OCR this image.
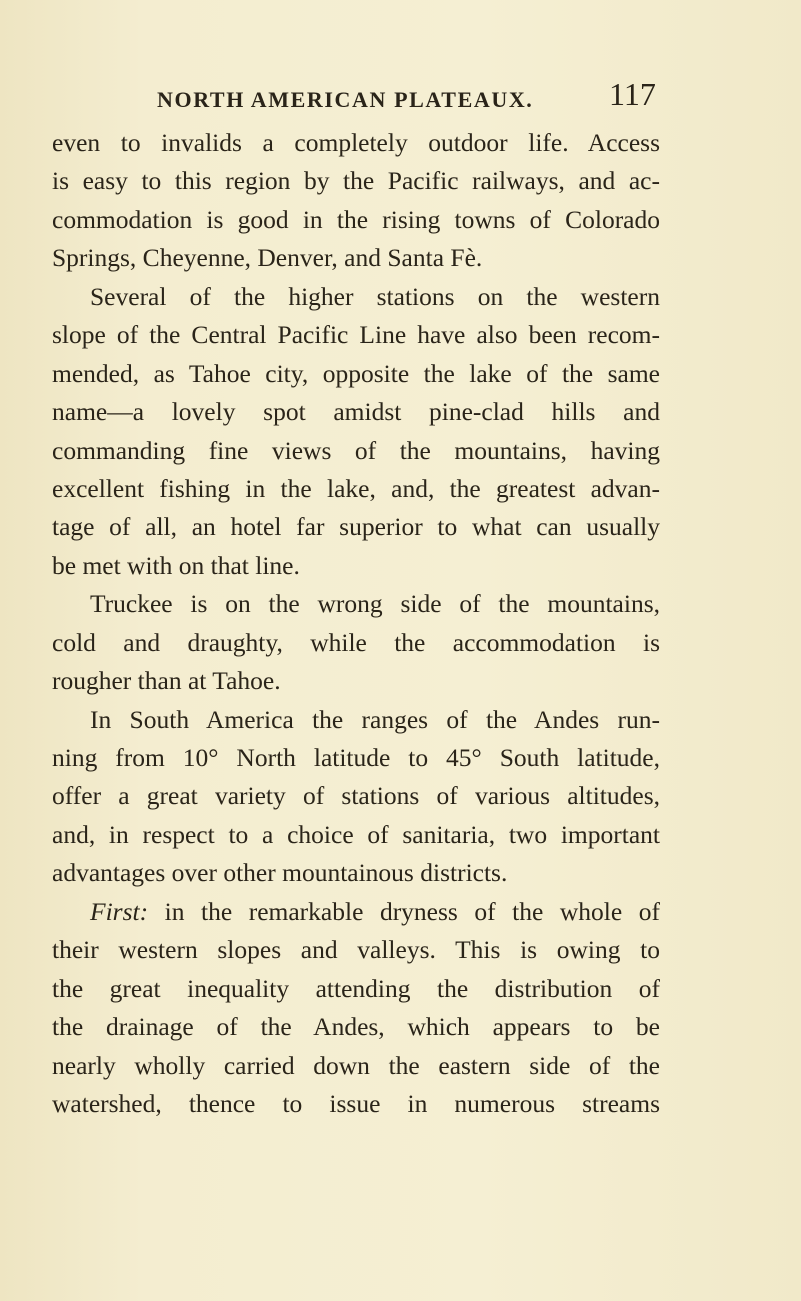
NORTH AMERICAN PLATEAUX. 117
even to invalids a completely outdoor life. Access
is easy to this region by the Pacific railways, and ac-
commodation is good in the rising towns of Colorado
Springs, Cheyenne, Denver, and Santa Fè.
Several of the higher stations on the western
slope of the Central Pacific Line have also been recom-
mended, as Tahoe city, opposite the lake of the same
name—a lovely spot amidst pine-clad hills and
commanding fine views of the mountains, having
excellent fishing in the lake, and, the greatest advan-
tage of all, an hotel far superior to what can usually
be met with on that line.
Truckee is on the wrong side of the mountains,
cold and draughty, while the accommodation is
rougher than at Tahoe.
In South America the ranges of the Andes run-
ning from 10° North latitude to 45° South latitude,
offer a great variety of stations of various altitudes,
and, in respect to a choice of sanitaria, two important
advantages over other mountainous districts.
First: in the remarkable dryness of the whole of
their western slopes and valleys. This is owing to
the great inequality attending the distribution of
the drainage of the Andes, which appears to be
nearly wholly carried down the eastern side of the
watershed, thence to issue in numerous streams
